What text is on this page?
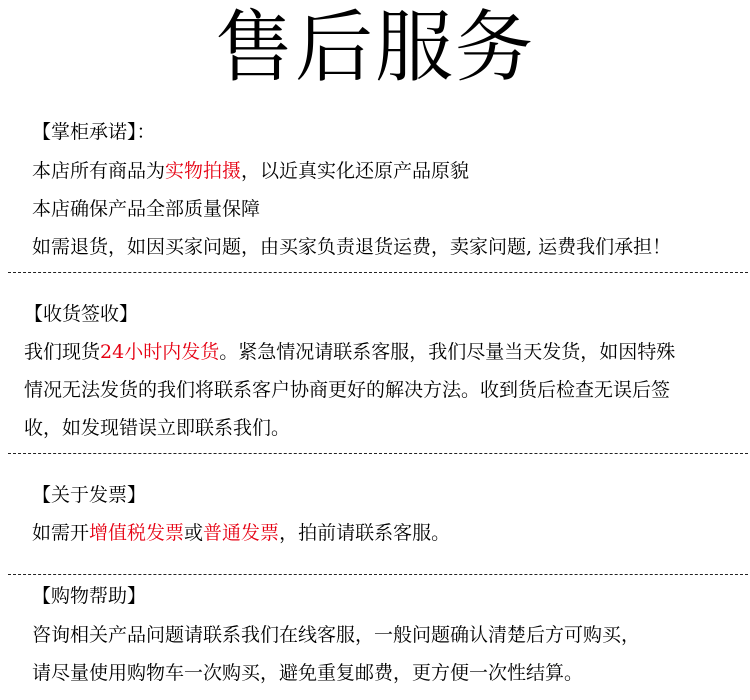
售后服务
【掌柜承诺】：
本店所有商品为实物拍摄，以近真实化还原产品原貌
本店确保产品全部质量保障
如需退货，如因买家问题，由买家负责退货运费，卖家问题, 运费我们承担！
【收货签收】
我们现货24小时内发货。紧急情况请联系客服，我们尽量当天发货，如因特殊
情况无法发货的我们将联系客户协商更好的解决方法。收到货后检查无误后签
收，如发现错误立即联系我们。
【关于发票】
如需开增值税发票或普通发票，拍前请联系客服。
【购物帮助】
咨询相关产品问题请联系我们在线客服，一般问题确认清楚后方可购买，
请尽量使用购物车一次购买，避免重复邮费，更方便一次性结算。
